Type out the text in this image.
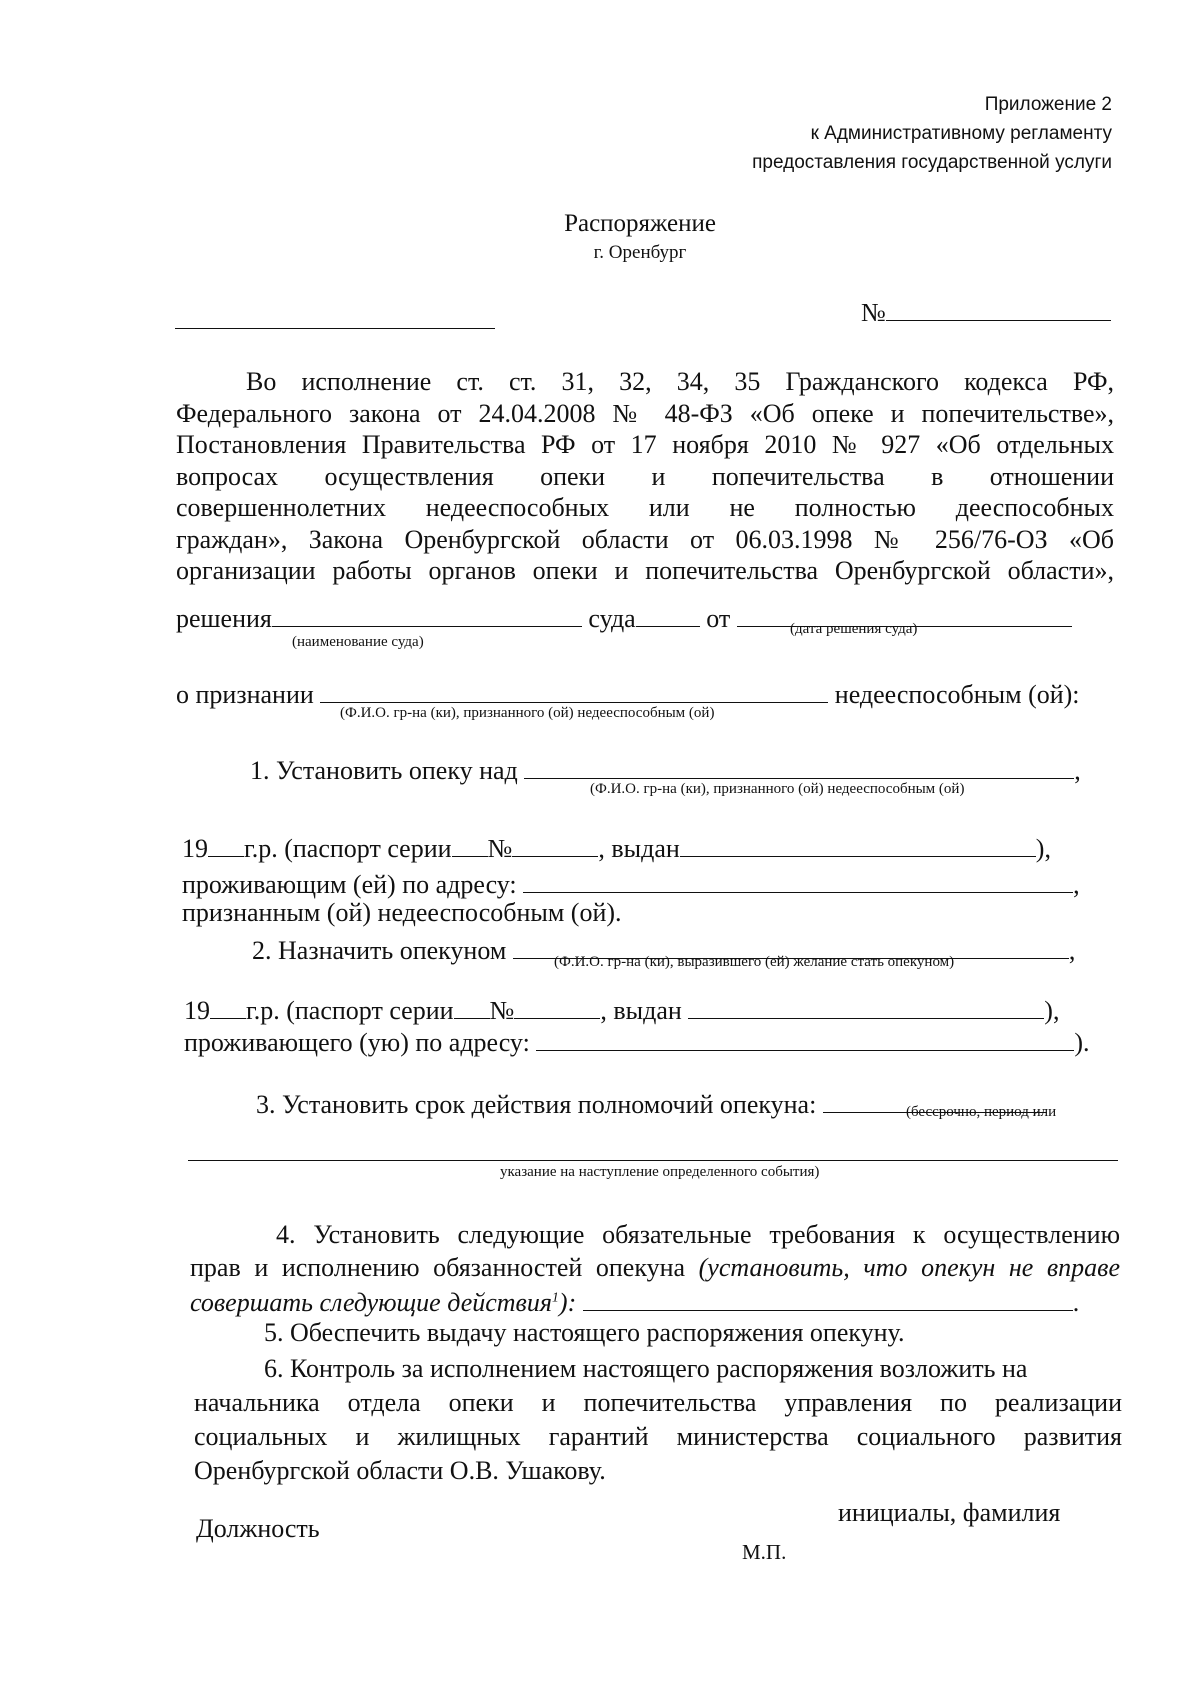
Приложение 2
к Административному регламенту
предоставления государственной услуги
Распоряжение
г. Оренбург
№

Во исполнение ст. ст. 31, 32, 34, 35 Гражданского кодекса РФ,

Федерального закона от 24.04.2008 № 48-ФЗ «Об опеке и попечительстве»,

Постановления Правительства РФ от 17 ноября 2010 № 927 «Об отдельных

вопросах осуществления опеки и попечительства в отношении

совершеннолетних недееспособных или не полностью дееспособных

граждан», Закона Оренбургской области от 06.03.1998 № 256/76-ОЗ «Об

организации работы органов опеки и попечительства Оренбургской области»,

решения	суда	от
(наименование суда)
(дата решения суда)
о признании	недееспособным (ой):
(Ф.И.О. гр-на (ки), признанного (ой) недееспособным (ой)
1. Установить опеку над	,
(Ф.И.О. гр-на (ки), признанного (ой) недееспособным (ой)
19 г.р. (паспорт серии №	, выдан	),
проживающим (ей) по адресу:	,
признанным (ой) недееспособным (ой).
2. Назначить опекуном	,
(Ф.И.О. гр-на (ки), выразившего (ей) желание стать опекуном)
19 г.р. (паспорт серии №	, выдан	),
проживающего (ую) по адресу:	).
3. Установить срок действия полномочий опекуна:	(бессрочно, период или
указание на наступление определенного события)

4. Установить следующие обязательные требования к осуществлению

прав и исполнению обязанностей опекуна (установить, что опекун не вправе

совершать следующие действия$^1$):	.
5. Обеспечить выдачу настоящего распоряжения опекуну.

6. Контроль за исполнением настоящего распоряжения возложить на

начальника отдела опеки и попечительства управления по реализации

социальных и жилищных гарантий министерства социального развития

Оренбургской области О.В. Ушакову.

инициалы, фамилия
Должность
М.П.
